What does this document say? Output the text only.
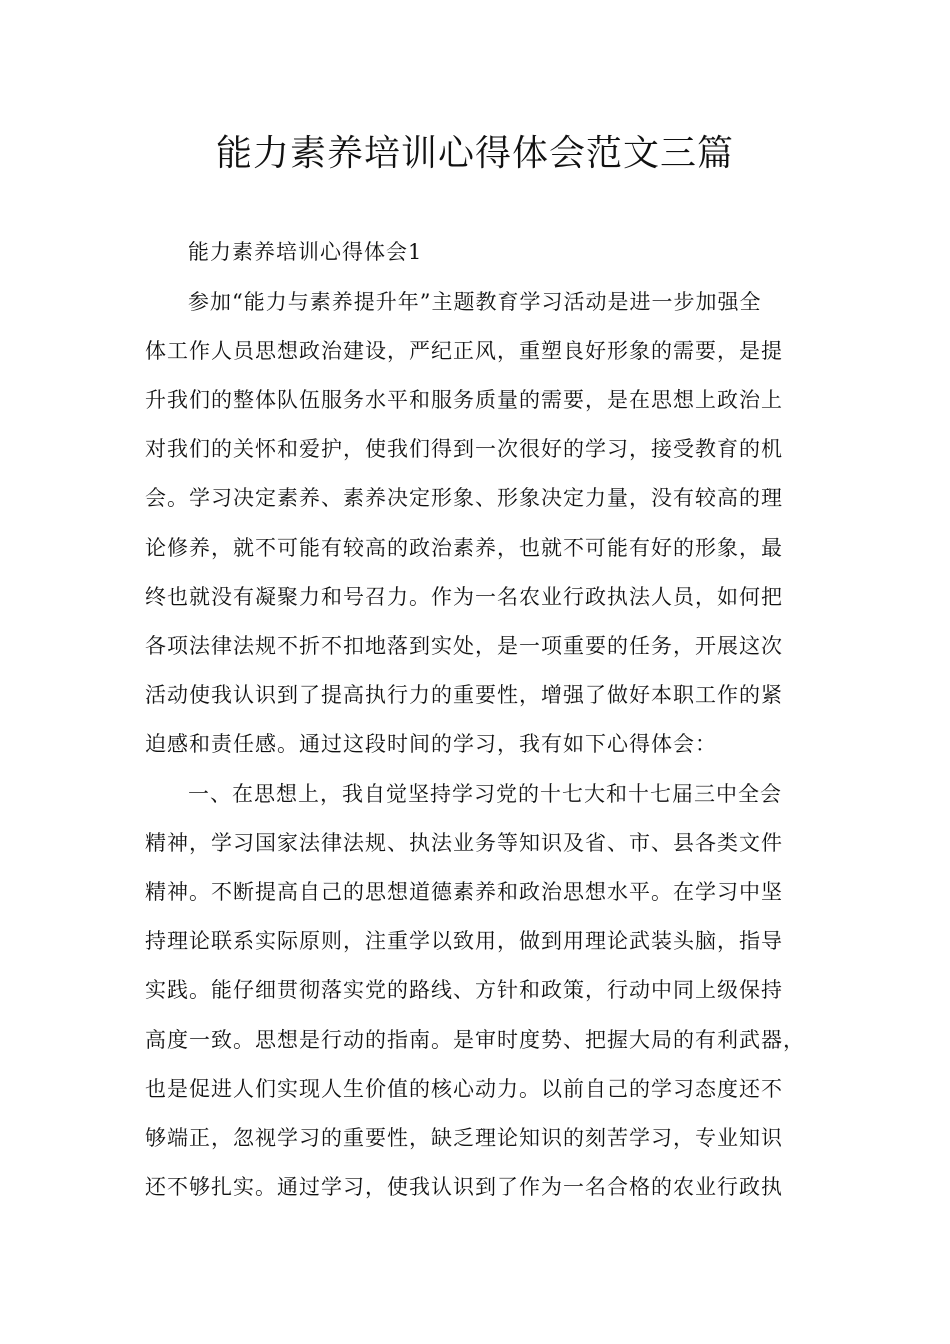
能力素养培训心得体会范文三篇

能力素养培训心得体会1

参加“能力与素养提升年”主题教育学习活动是进一步加强全

体工作人员思想政治建设，严纪正风，重塑良好形象的需要，是提

升我们的整体队伍服务水平和服务质量的需要，是在思想上政治上

对我们的关怀和爱护，使我们得到一次很好的学习，接受教育的机

会。学习决定素养、素养决定形象、形象决定力量，没有较高的理

论修养，就不可能有较高的政治素养，也就不可能有好的形象，最

终也就没有凝聚力和号召力。作为一名农业行政执法人员，如何把

各项法律法规不折不扣地落到实处，是一项重要的任务，开展这次

活动使我认识到了提高执行力的重要性，增强了做好本职工作的紧

迫感和责任感。通过这段时间的学习，我有如下心得体会：

一、在思想上，我自觉坚持学习党的十七大和十七届三中全会

精神，学习国家法律法规、执法业务等知识及省、市、县各类文件

精神。不断提高自己的思想道德素养和政治思想水平。在学习中坚

持理论联系实际原则，注重学以致用，做到用理论武装头脑，指导

实践。能仔细贯彻落实党的路线、方针和政策，行动中同上级保持

高度一致。思想是行动的指南。是审时度势、把握大局的有利武器，

也是促进人们实现人生价值的核心动力。以前自己的学习态度还不

够端正，忽视学习的重要性，缺乏理论知识的刻苦学习，专业知识

还不够扎实。通过学习，使我认识到了作为一名合格的农业行政执
